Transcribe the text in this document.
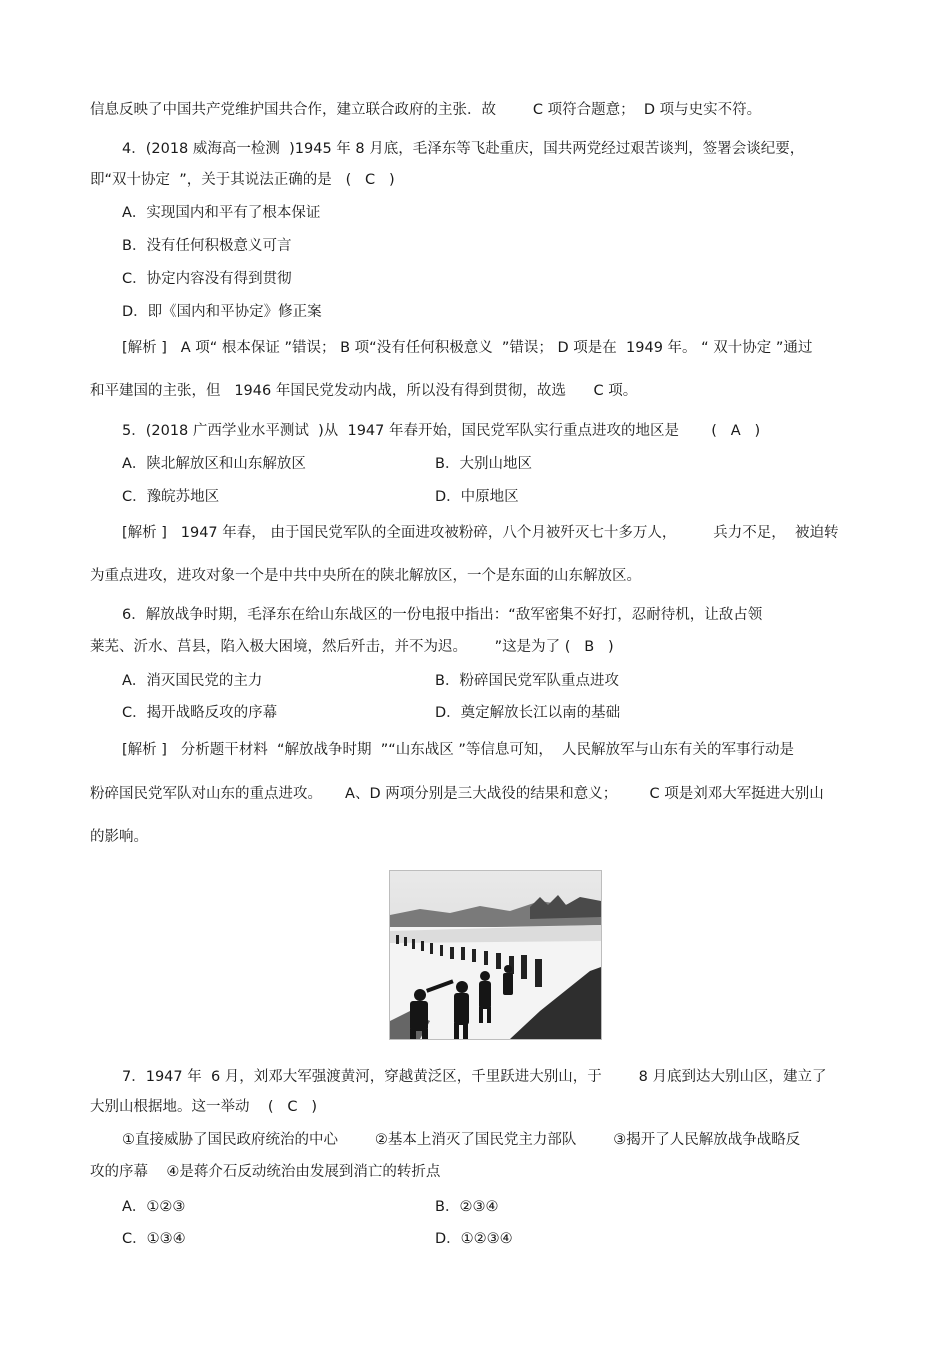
信息反映了中国共产党维护国共合作，建立联合政府的主张．故        C 项符合题意；  D 项与史实不符。
4．(2018 威海高一检测  )1945 年 8 月底，毛泽东等飞赴重庆，国共两党经过艰苦谈判，签署会谈纪要，
即“双十协定  ”，关于其说法正确的是   (   C   )
A．实现国内和平有了根本保证
B．没有任何积极意义可言
C．协定内容没有得到贯彻
D．即《国内和平协定》修正案
[解析 ]   A 项“ 根本保证 ”错误； B 项“没有任何积极意义  ”错误； D 项是在  1949 年。 “ 双十协定 ”通过
和平建国的主张，但   1946 年国民党发动内战，所以没有得到贯彻，故选      C 项。
5．(2018 广西学业水平测试  )从  1947 年春开始，国民党军队实行重点进攻的地区是       (   A   )
A．陕北解放区和山东解放区	B．大别山地区
C．豫皖苏地区	D．中原地区
[解析 ]   1947 年春， 由于国民党军队的全面进攻被粉碎，八个月被歼灭七十多万人，        兵力不足，  被迫转
为重点进攻，进攻对象一个是中共中央所在的陕北解放区，一个是东面的山东解放区。
6．解放战争时期，毛泽东在给山东战区的一份电报中指出：“敌军密集不好打，忍耐待机，让敌占领
莱芜、沂水、莒县，陷入极大困境，然后歼击，并不为迟。      ”这是为了 (   B   )
A．消灭国民党的主力	B．粉碎国民党军队重点进攻
C．揭开战略反攻的序幕	D．奠定解放长江以南的基础
[解析 ]   分析题干材料  “解放战争时期  ”“山东战区 ”等信息可知，  人民解放军与山东有关的军事行动是
粉碎国民党军队对山东的重点进攻。     A、D 两项分别是三大战役的结果和意义；       C 项是刘邓大军挺进大别山
的影响。
7．1947 年  6 月，刘邓大军强渡黄河，穿越黄泛区，千里跃进大别山，于        8 月底到达大别山区，建立了
大别山根据地。这一举动    (   C   )
①直接威胁了国民政府统治的中心        ②基本上消灭了国民党主力部队        ③揭开了人民解放战争战略反
攻的序幕    ④是蒋介石反动统治由发展到消亡的转折点
A．①②③	B．②③④
C．①③④	D．①②③④
